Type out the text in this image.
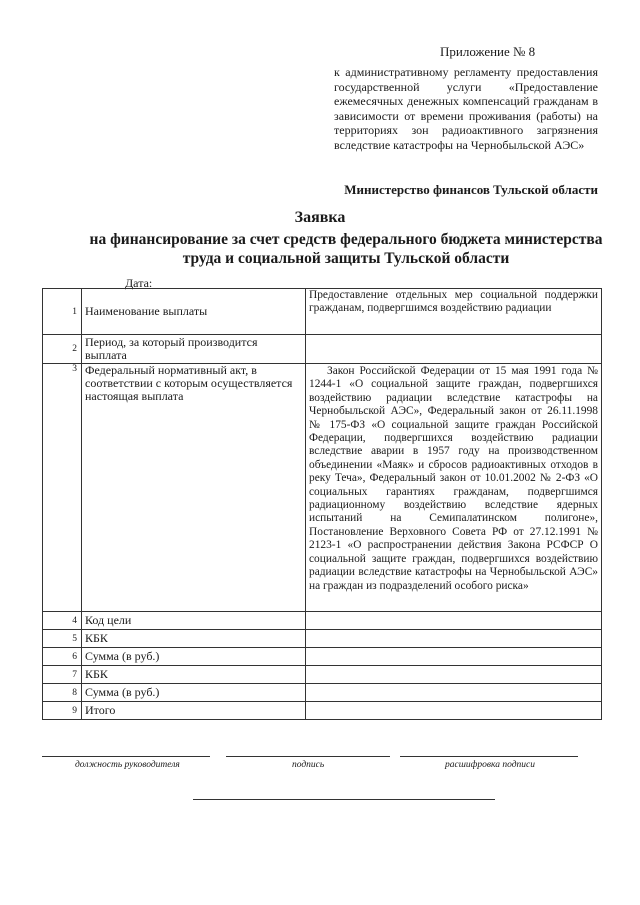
Приложение № 8
к административному регламенту предоставления государственной услуги «Предоставление ежемесячных денежных компенсаций гражданам в зависимости от времени проживания (работы) на территориях зон радиоактивного загрязнения вследствие катастрофы на Чернобыльской АЭС»
Министерство финансов Тульской области
Заявка
на финансирование за счет средств федерального бюджета министерства труда и социальной защиты Тульской области
Дата:
1	Наименование выплаты	Предоставление отдельных мер социальной поддержки гражданам, подвергшимся воздействию радиации
2	Период, за который производится выплата	
3	Федеральный нормативный акт, в соответствии с которым осуществляется настоящая выплата	Закон Российской Федерации от 15 мая 1991 года № 1244-1 «О социальной защите граждан, подвергшихся воздействию радиации вследствие катастрофы на Чернобыльской АЭС», Федеральный закон от 26.11.1998 № 175-ФЗ «О социальной защите граждан Российской Федерации, подвергшихся воздействию радиации вследствие аварии в 1957 году на производственном объединении «Маяк» и сбросов радиоактивных отходов в реку Теча», Федеральный закон от 10.01.2002 № 2-ФЗ «О социальных гарантиях гражданам, подвергшимся радиационному воздействию вследствие ядерных испытаний на Семипалатинском полигоне», Постановление Верховного Совета РФ от 27.12.1991 № 2123-1 «О распространении действия Закона РСФСР О социальной защите граждан, подвергшихся воздействию радиации вследствие катастрофы на Чернобыльской АЭС» на граждан из подразделений особого риска»
4	Код цели	
5	КБК	
6	Сумма (в руб.)	
7	КБК	
8	Сумма (в руб.)	
9	Итого	
должность руководителя	подпись	расшифровка подписи
